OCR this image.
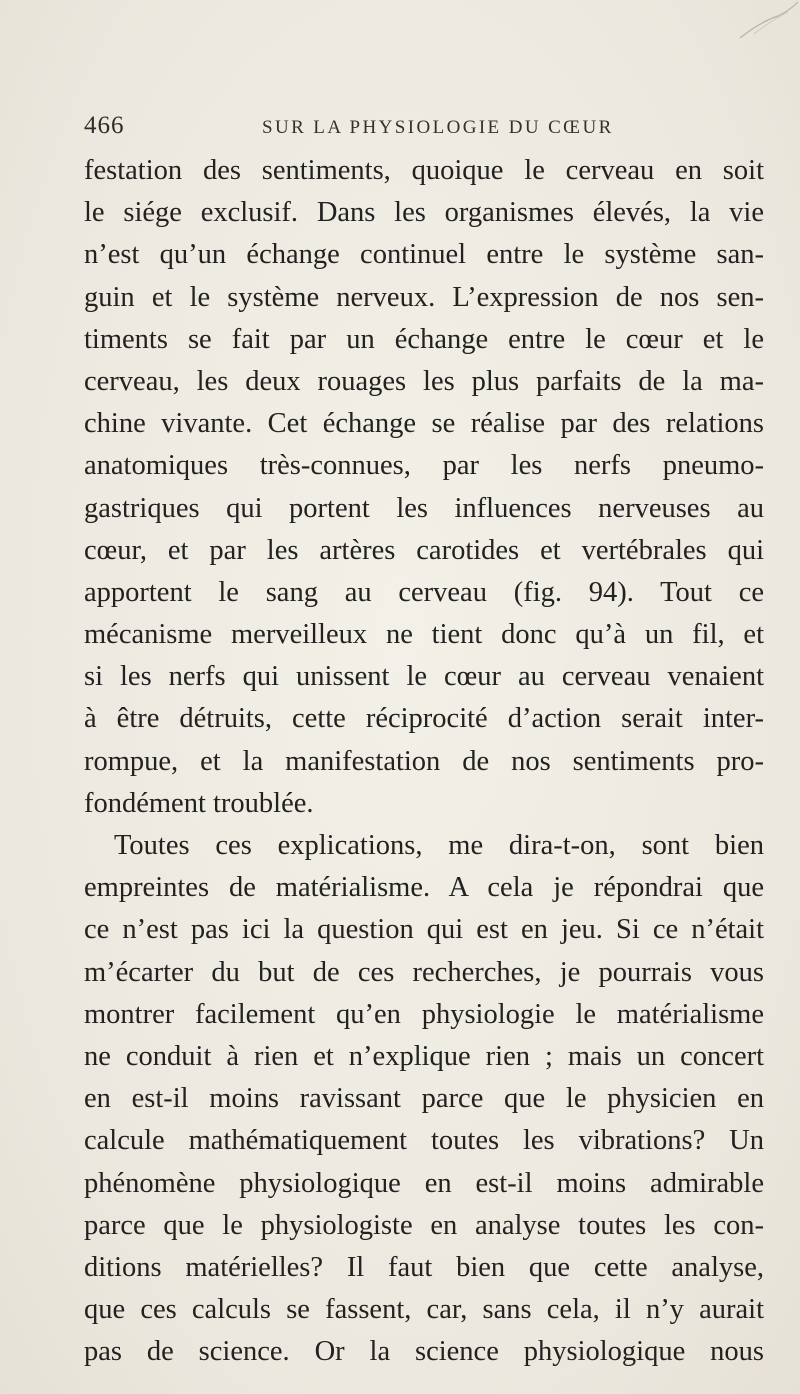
466	SUR LA PHYSIOLOGIE DU CŒUR
festation des sentiments, quoique le cerveau en soit
le siége exclusif. Dans les organismes élevés, la vie
n’est qu’un échange continuel entre le système san-
guin et le système nerveux. L’expression de nos sen-
timents se fait par un échange entre le cœur et le
cerveau, les deux rouages les plus parfaits de la ma-
chine vivante. Cet échange se réalise par des relations
anatomiques très-connues, par les nerfs pneumo-
gastriques qui portent les influences nerveuses au
cœur, et par les artères carotides et vertébrales qui
apportent le sang au cerveau (fig. 94). Tout ce
mécanisme merveilleux ne tient donc qu’à un fil, et
si les nerfs qui unissent le cœur au cerveau venaient
à être détruits, cette réciprocité d’action serait inter-
rompue, et la manifestation de nos sentiments pro-
fondément troublée.
Toutes ces explications, me dira-t-on, sont bien
empreintes de matérialisme. A cela je répondrai que
ce n’est pas ici la question qui est en jeu. Si ce n’était
m’écarter du but de ces recherches, je pourrais vous
montrer facilement qu’en physiologie le matérialisme
ne conduit à rien et n’explique rien ; mais un concert
en est-il moins ravissant parce que le physicien en
calcule mathématiquement toutes les vibrations? Un
phénomène physiologique en est-il moins admirable
parce que le physiologiste en analyse toutes les con-
ditions matérielles? Il faut bien que cette analyse,
que ces calculs se fassent, car, sans cela, il n’y aurait
pas de science. Or la science physiologique nous
